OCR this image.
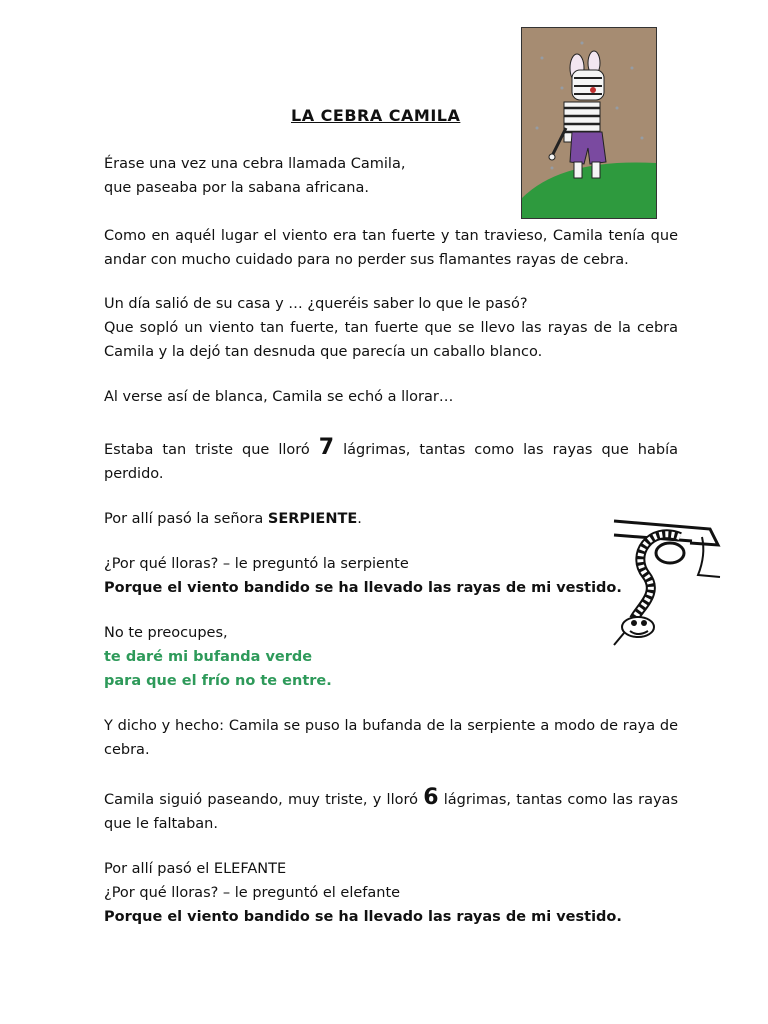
LA CEBRA CAMILA

Érase una vez una cebra llamada Camila,
que paseaba por la sabana africana.

Como en aquél lugar el viento era tan fuerte y tan travieso, Camila tenía que andar con mucho cuidado para no perder sus flamantes rayas de cebra.

Un día salió de su casa y … ¿queréis saber lo que le pasó?
Que sopló un viento tan fuerte, tan fuerte que se llevo las rayas de la cebra Camila y la dejó tan desnuda que parecía un caballo blanco.

Al verse así de blanca, Camila se echó a llorar…

Estaba tan triste que lloró 7 lágrimas, tantas como las rayas que había perdido.

Por allí pasó la señora SERPIENTE.

¿Por qué lloras? – le preguntó la serpiente
Porque el viento bandido se ha llevado las rayas de mi vestido.

No te preocupes,
te daré mi bufanda verde
para que el frío no te entre.

Y dicho y hecho: Camila se puso la bufanda de la serpiente a modo de raya de cebra.

Camila siguió paseando, muy triste, y lloró 6 lágrimas, tantas como las rayas que le faltaban.

Por allí pasó el ELEFANTE
¿Por qué lloras? – le preguntó el elefante
Porque el viento bandido se ha llevado las rayas de mi vestido.
